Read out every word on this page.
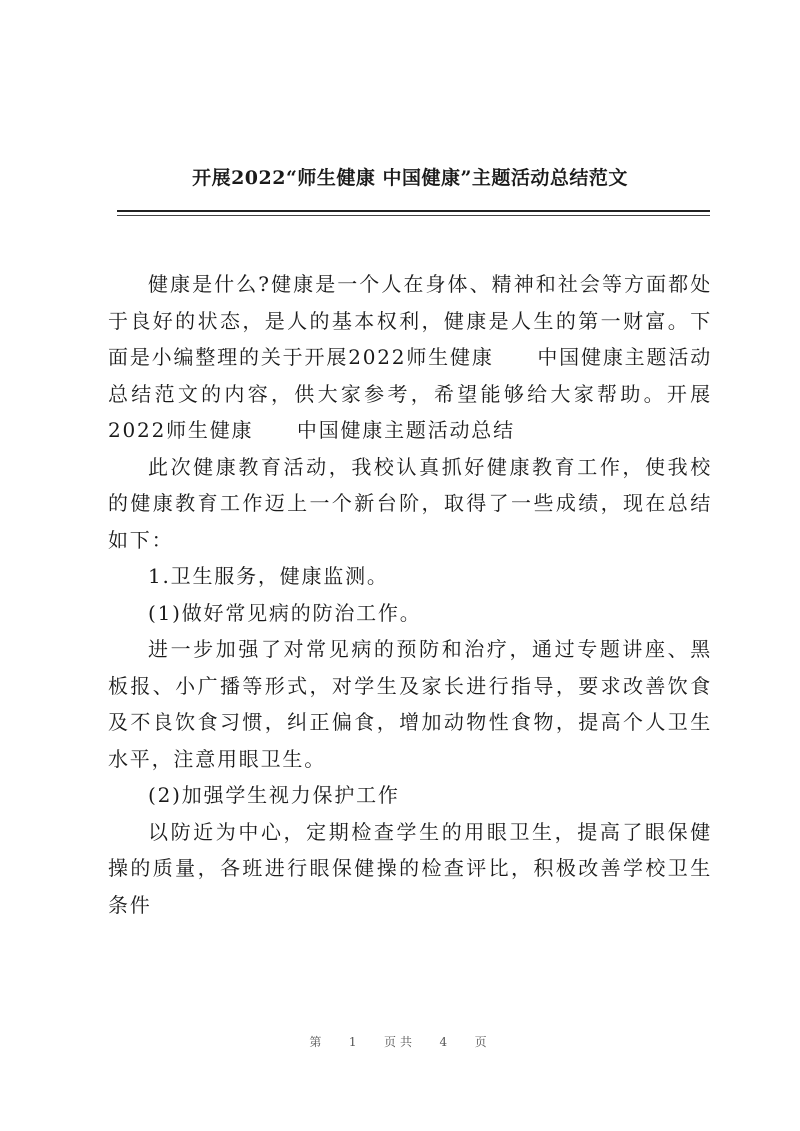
开展2022“师生健康 中国健康”主题活动总结范文

健康是什么?健康是一个人在身体、精神和社会等方面都处于良好的状态，是人的基本权利，健康是人生的第一财富。下面是小编整理的关于开展2022师生健康　　中国健康主题活动总结范文的内容，供大家参考，希望能够给大家帮助。开展2022师生健康　　中国健康主题活动总结

此次健康教育活动，我校认真抓好健康教育工作，使我校的健康教育工作迈上一个新台阶，取得了一些成绩，现在总结如下：

1.卫生服务，健康监测。

(1)做好常见病的防治工作。

进一步加强了对常见病的预防和治疗，通过专题讲座、黑板报、小广播等形式，对学生及家长进行指导，要求改善饮食及不良饮食习惯，纠正偏食，增加动物性食物，提高个人卫生水平，注意用眼卫生。

(2)加强学生视力保护工作

以防近为中心，定期检查学生的用眼卫生，提高了眼保健操的质量，各班进行眼保健操的检查评比，积极改善学校卫生条件

第 1 页共 4 页
